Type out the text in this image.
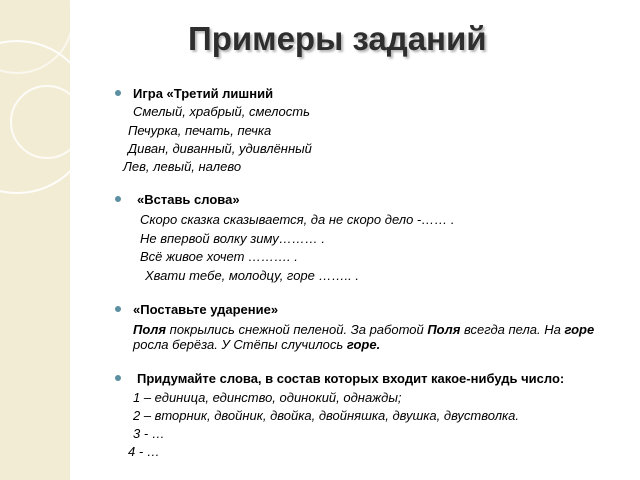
Примеры заданий

Игра «Третий лишний

Смелый, храбрый, смелость

Печурка, печать, печка

Диван, диванный, удивлённый

Лев, левый, налево

«Вставь слова»

Скоро сказка сказывается, да не скоро дело -…… .

Не впервой волку зиму……… .

Всё живое хочет ………. .

Хвати тебе, молодцу, горе …….. .

«Поставьте ударение»

Поля покрылись снежной пеленой. За работой Поля всегда пела. На горе росла берёза. У Стёпы случилось горе.

Придумайте слова, в состав которых входит какое-нибудь число:

1 – единица, единство, одинокий, однажды;

2 – вторник, двойник, двойка, двойняшка, двушка, двустволка.

3 - …

4 - …
